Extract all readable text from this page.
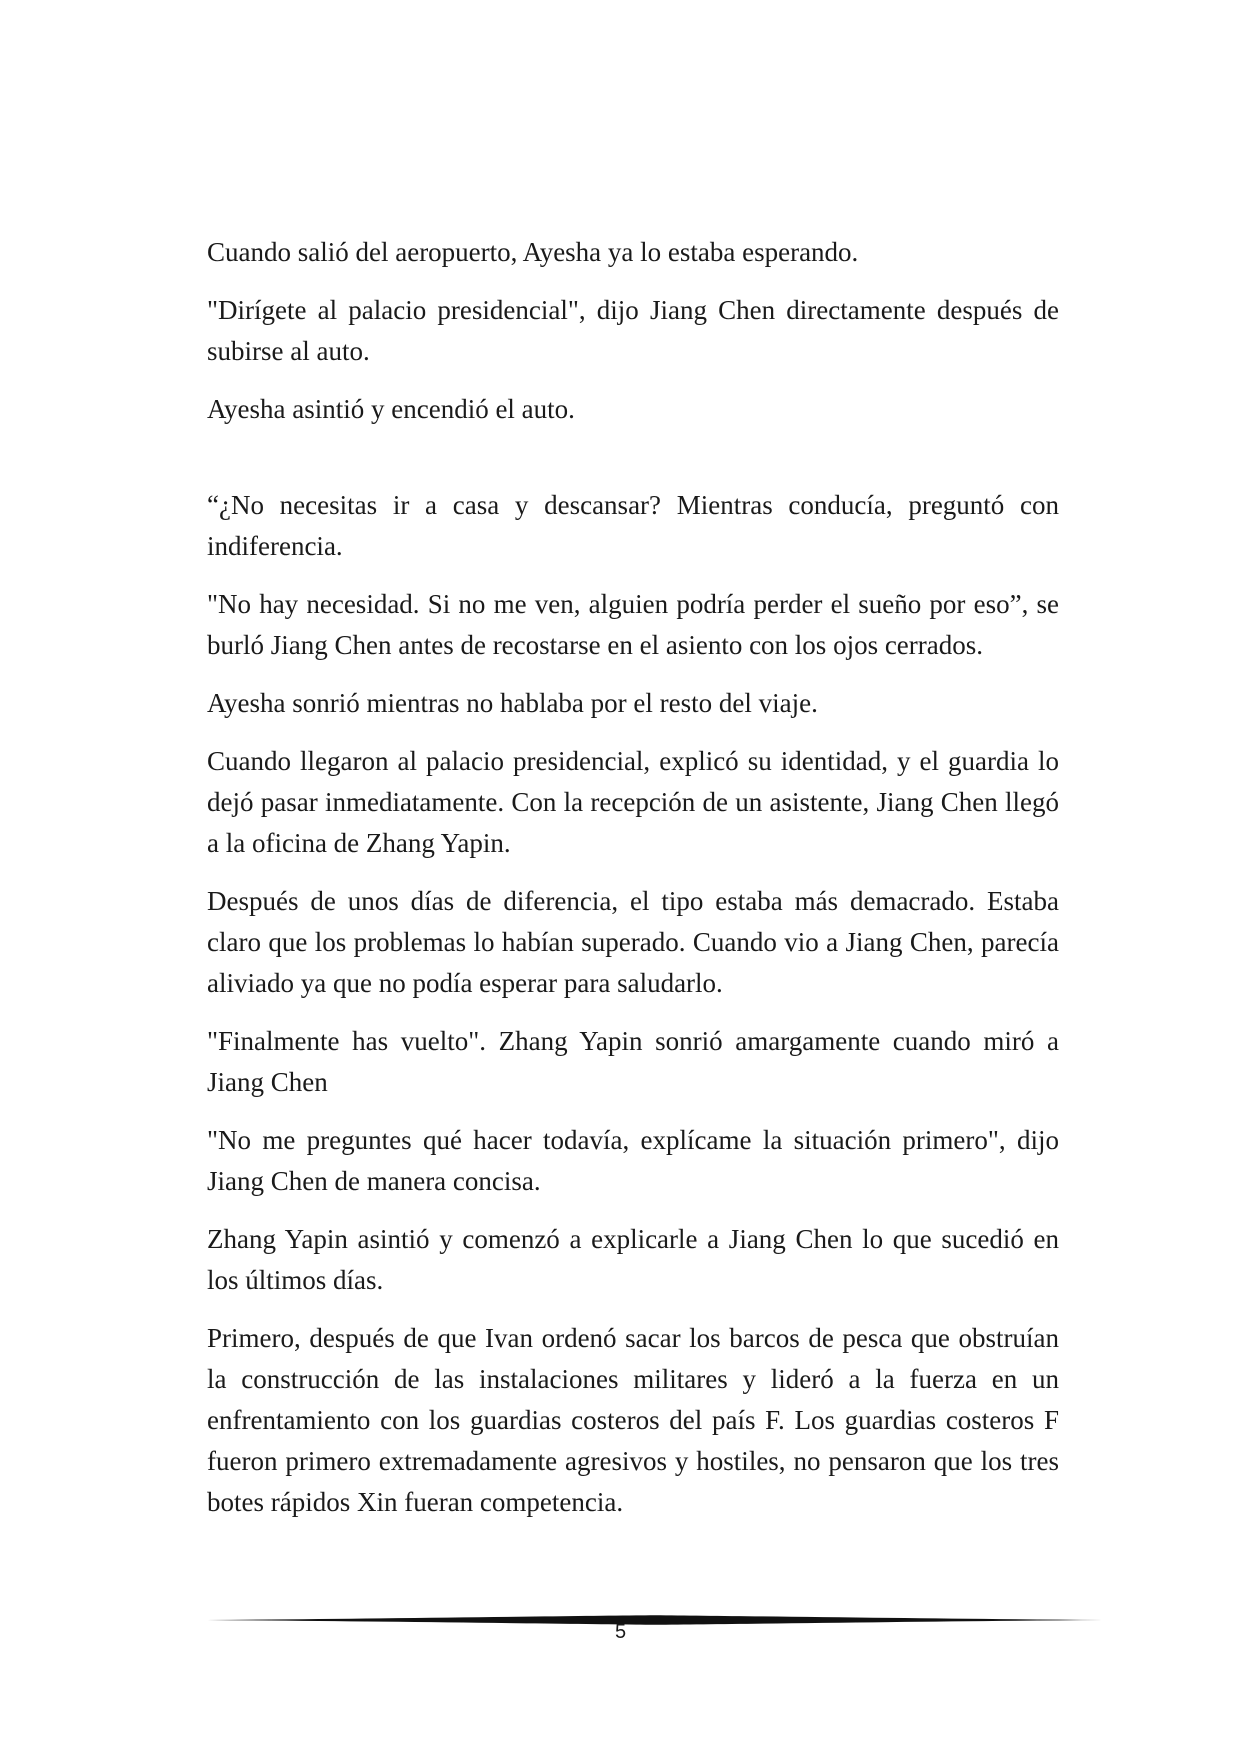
Cuando salió del aeropuerto, Ayesha ya lo estaba esperando.

"Dirígete al palacio presidencial", dijo Jiang Chen directamente después de subirse al auto.

Ayesha asintió y encendió el auto.

“¿No necesitas ir a casa y descansar? Mientras conducía, preguntó con indiferencia.

"No hay necesidad. Si no me ven, alguien podría perder el sueño por eso”, se burló Jiang Chen antes de recostarse en el asiento con los ojos cerrados.

Ayesha sonrió mientras no hablaba por el resto del viaje.

Cuando llegaron al palacio presidencial, explicó su identidad, y el guardia lo dejó pasar inmediatamente. Con la recepción de un asistente, Jiang Chen llegó a la oficina de Zhang Yapin.

Después de unos días de diferencia, el tipo estaba más demacrado. Estaba claro que los problemas lo habían superado. Cuando vio a Jiang Chen, parecía aliviado ya que no podía esperar para saludarlo.

"Finalmente has vuelto". Zhang Yapin sonrió amargamente cuando miró a Jiang Chen

"No me preguntes qué hacer todavía, explícame la situación primero", dijo Jiang Chen de manera concisa.

Zhang Yapin asintió y comenzó a explicarle a Jiang Chen lo que sucedió en los últimos días.

Primero, después de que Ivan ordenó sacar los barcos de pesca que obstruían la construcción de las instalaciones militares y lideró a la fuerza en un enfrentamiento con los guardias costeros del país F. Los guardias costeros F fueron primero extremadamente agresivos y hostiles, no pensaron que los tres botes rápidos Xin fueran competencia.

5
